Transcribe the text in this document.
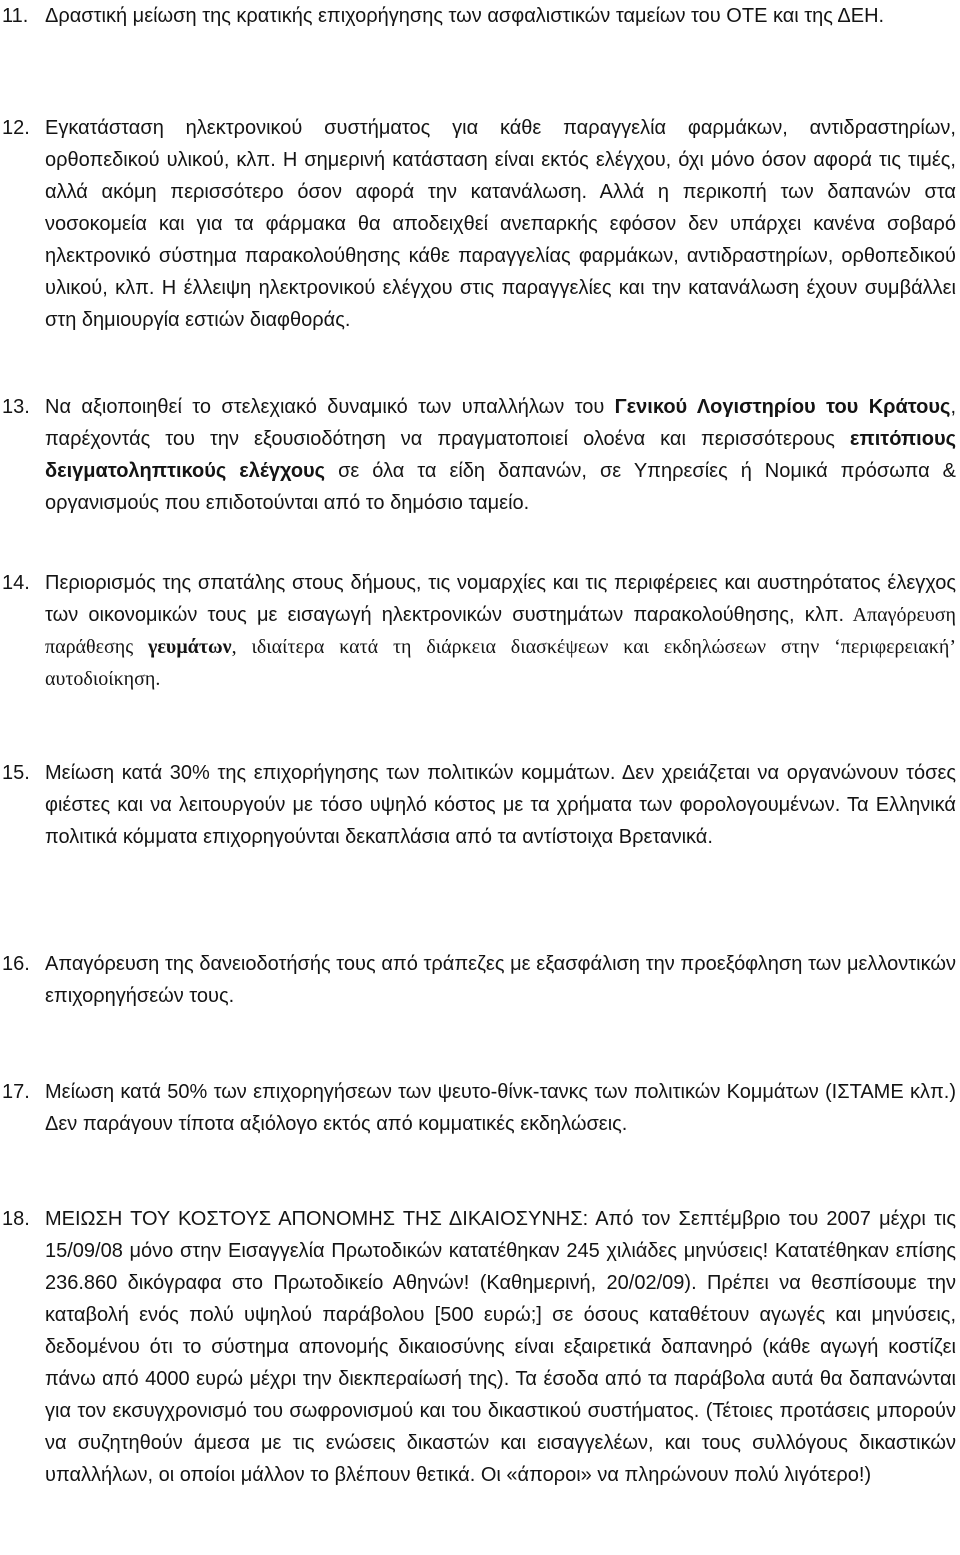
11. Δραστική μείωση της κρατικής επιχορήγησης των ασφαλιστικών ταμείων του ΟΤΕ και της ΔΕΗ.
12. Εγκατάσταση ηλεκτρονικού συστήματος για κάθε παραγγελία φαρμάκων, αντιδραστηρίων, ορθοπεδικού υλικού, κλπ. Η σημερινή κατάσταση είναι εκτός ελέγχου, όχι μόνο όσον αφορά τις τιμές, αλλά ακόμη περισσότερο όσον αφορά την κατανάλωση. Αλλά η περικοπή των δαπανών στα νοσοκομεία και για τα φάρμακα θα αποδειχθεί ανεπαρκής εφόσον δεν υπάρχει κανένα σοβαρό ηλεκτρονικό σύστημα παρακολούθησης κάθε παραγγελίας φαρμάκων, αντιδραστηρίων, ορθοπεδικού υλικού, κλπ. Η έλλειψη ηλεκτρονικού ελέγχου στις παραγγελίες και την κατανάλωση έχουν συμβάλλει στη δημιουργία εστιών διαφθοράς.
13. Να αξιοποιηθεί το στελεχιακό δυναμικό των υπαλλήλων του Γενικού Λογιστηρίου του Κράτους, παρέχοντάς του την εξουσιοδότηση να πραγματοποιεί ολοένα και περισσότερους επιτόπιους δειγματοληπτικούς ελέγχους σε όλα τα είδη δαπανών, σε Υπηρεσίες ή Νομικά πρόσωπα & οργανισμούς που επιδοτούνται από το δημόσιο ταμείο.
14. Περιορισμός της σπατάλης στους δήμους, τις νομαρχίες και τις περιφέρειες και αυστηρότατος έλεγχος των οικονομικών τους με εισαγωγή ηλεκτρονικών συστημάτων παρακολούθησης, κλπ. Απαγόρευση παράθεσης γευμάτων, ιδιαίτερα κατά τη διάρκεια διασκέψεων και εκδηλώσεων στην ‘περιφερειακή’ αυτοδιοίκηση.
15. Μείωση κατά 30% της επιχορήγησης των πολιτικών κομμάτων. Δεν χρειάζεται να οργανώνουν τόσες φιέστες και να λειτουργούν με τόσο υψηλό κόστος με τα χρήματα των φορολογουμένων. Τα Ελληνικά πολιτικά κόμματα επιχορηγούνται δεκαπλάσια από τα αντίστοιχα Βρετανικά.
16. Απαγόρευση της δανειοδοτήσής τους από τράπεζες με εξασφάλιση την προεξόφληση των μελλοντικών επιχορηγήσεών τους.
17. Μείωση κατά 50% των επιχορηγήσεων των ψευτο-θίνκ-τανκς των πολιτικών Κομμάτων (ΙΣΤΑΜΕ κλπ.) Δεν παράγουν τίποτα αξιόλογο εκτός από κομματικές εκδηλώσεις.
18. ΜΕΙΩΣΗ ΤΟΥ ΚΟΣΤΟΥΣ ΑΠΟΝΟΜΗΣ ΤΗΣ ΔΙΚΑΙΟΣΥΝΗΣ: Από τον Σεπτέμβριο του 2007 μέχρι τις 15/09/08 μόνο στην Εισαγγελία Πρωτοδικών κατατέθηκαν 245 χιλιάδες μηνύσεις! Κατατέθηκαν επίσης 236.860 δικόγραφα στο Πρωτοδικείο Αθηνών! (Καθημερινή, 20/02/09). Πρέπει να θεσπίσουμε την καταβολή ενός πολύ υψηλού παράβολου [500 ευρώ;] σε όσους καταθέτουν αγωγές και μηνύσεις, δεδομένου ότι το σύστημα απονομής δικαιοσύνης είναι εξαιρετικά δαπανηρό (κάθε αγωγή κοστίζει πάνω από 4000 ευρώ μέχρι την διεκπεραίωσή της). Τα έσοδα από τα παράβολα αυτά θα δαπανώνται για τον εκσυγχρονισμό του σωφρονισμού και του δικαστικού συστήματος. (Τέτοιες προτάσεις μπορούν να συζητηθούν άμεσα με τις ενώσεις δικαστών και εισαγγελέων, και τους συλλόγους δικαστικών υπαλλήλων, οι οποίοι μάλλον το βλέπουν θετικά. Οι «άποροι» να πληρώνουν πολύ λιγότερο!)
